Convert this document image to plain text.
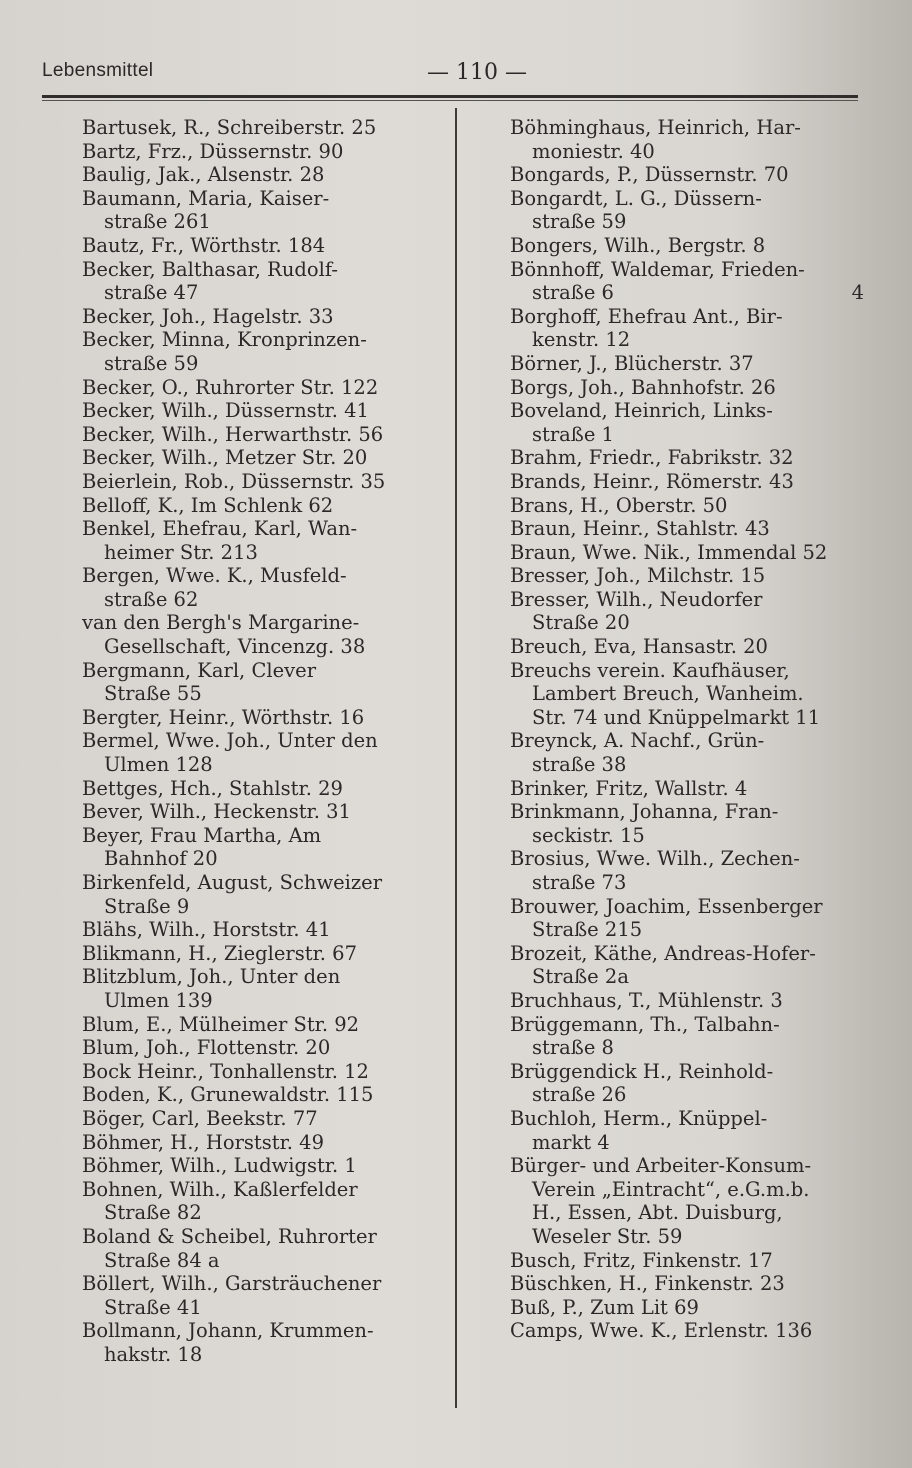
Lebensmittel	— 110 —
Bartusek, R., Schreiberstr. 25
Bartz, Frz., Düssernstr. 90
Baulig, Jak., Alsenstr. 28
Baumann, Maria, Kaiser-
straße 261
Bautz, Fr., Wörthstr. 184
Becker, Balthasar, Rudolf-
straße 47
Becker, Joh., Hagelstr. 33
Becker, Minna, Kronprinzen-
straße 59
Becker, O., Ruhrorter Str. 122
Becker, Wilh., Düssernstr. 41
Becker, Wilh., Herwarthstr. 56
Becker, Wilh., Metzer Str. 20
Beierlein, Rob., Düssernstr. 35
Belloff, K., Im Schlenk 62
Benkel, Ehefrau, Karl, Wan-
heimer Str. 213
Bergen, Wwe. K., Musfeld-
straße 62
van den Bergh's Margarine-
Gesellschaft, Vincenzg. 38
Bergmann, Karl, Clever
Straße 55
Bergter, Heinr., Wörthstr. 16
Bermel, Wwe. Joh., Unter den
Ulmen 128
Bettges, Hch., Stahlstr. 29
Bever, Wilh., Heckenstr. 31
Beyer, Frau Martha, Am
Bahnhof 20
Birkenfeld, August, Schweizer
Straße 9
Blähs, Wilh., Horststr. 41
Blikmann, H., Zieglerstr. 67
Blitzblum, Joh., Unter den
Ulmen 139
Blum, E., Mülheimer Str. 92
Blum, Joh., Flottenstr. 20
Bock Heinr., Tonhallenstr. 12
Boden, K., Grunewaldstr. 115
Böger, Carl, Beekstr. 77
Böhmer, H., Horststr. 49
Böhmer, Wilh., Ludwigstr. 1
Bohnen, Wilh., Kaßlerfelder
Straße 82
Boland & Scheibel, Ruhrorter
Straße 84 a
Böllert, Wilh., Garsträuchener
Straße 41
Bollmann, Johann, Krummen-
hakstr. 18
Böhminghaus, Heinrich, Har-
moniestr. 40
Bongards, P., Düssernstr. 70
Bongardt, L. G., Düssern-
straße 59
Bongers, Wilh., Bergstr. 8
Bönnhoff, Waldemar, Frieden-
straße 6	4
Borghoff, Ehefrau Ant., Bir-
kenstr. 12
Börner, J., Blücherstr. 37
Borgs, Joh., Bahnhofstr. 26
Boveland, Heinrich, Links-
straße 1
Brahm, Friedr., Fabrikstr. 32
Brands, Heinr., Römerstr. 43
Brans, H., Oberstr. 50
Braun, Heinr., Stahlstr. 43
Braun, Wwe. Nik., Immendal 52
Bresser, Joh., Milchstr. 15
Bresser, Wilh., Neudorfer
Straße 20
Breuch, Eva, Hansastr. 20
Breuchs verein. Kaufhäuser,
Lambert Breuch, Wanheim.
Str. 74 und Knüppelmarkt 11
Breynck, A. Nachf., Grün-
straße 38
Brinker, Fritz, Wallstr. 4
Brinkmann, Johanna, Fran-
seckistr. 15
Brosius, Wwe. Wilh., Zechen-
straße 73
Brouwer, Joachim, Essenberger
Straße 215
Brozeit, Käthe, Andreas-Hofer-
Straße 2a
Bruchhaus, T., Mühlenstr. 3
Brüggemann, Th., Talbahn-
straße 8
Brüggendick H., Reinhold-
straße 26
Buchloh, Herm., Knüppel-
markt 4
Bürger- und Arbeiter-Konsum-
Verein „Eintracht“, e.G.m.b.
H., Essen, Abt. Duisburg,
Weseler Str. 59
Busch, Fritz, Finkenstr. 17
Büschken, H., Finkenstr. 23
Buß, P., Zum Lit 69
Camps, Wwe. K., Erlenstr. 136
